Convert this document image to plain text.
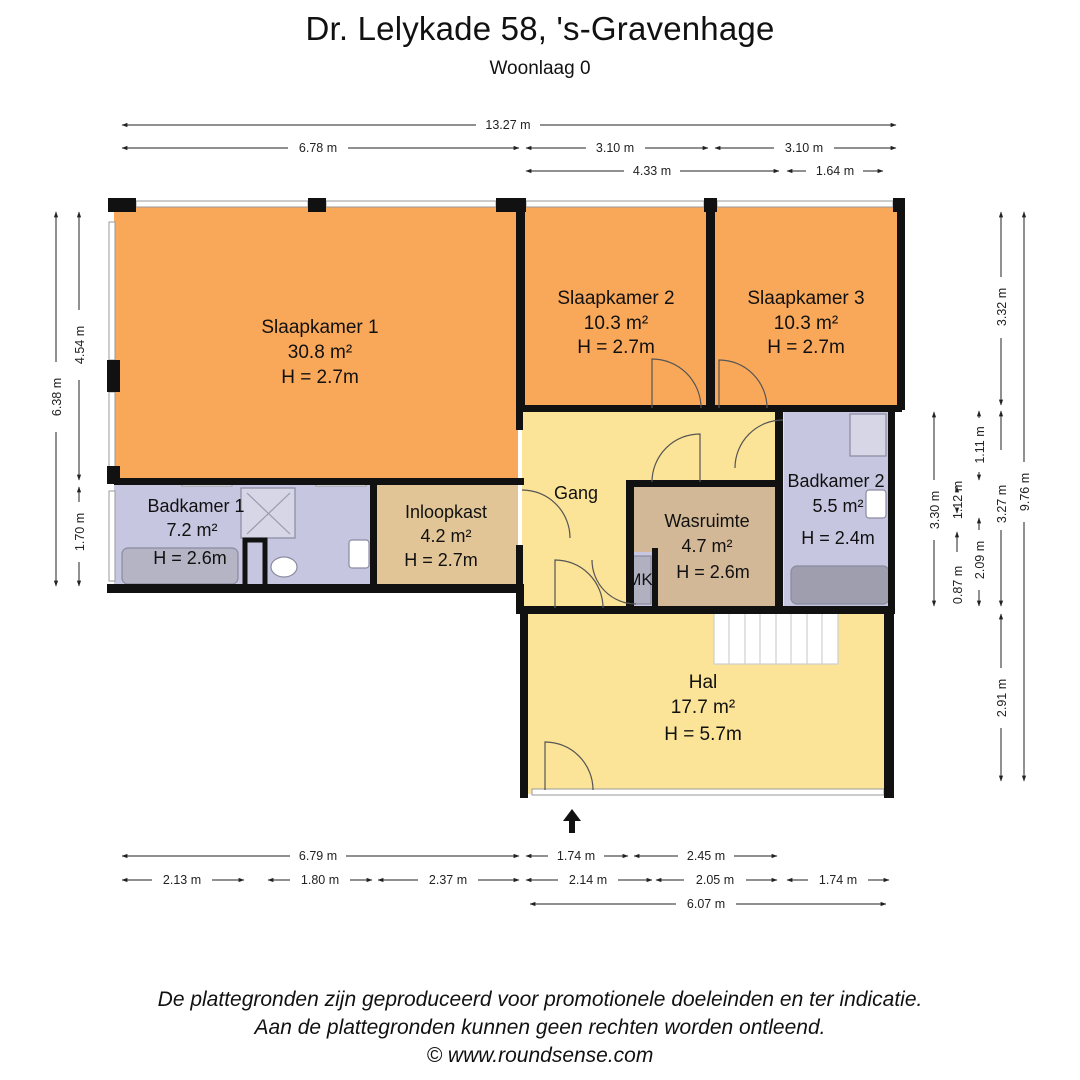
Dr. Lelykade 58, 's-Gravenhage
Woonlaag 0
Slaapkamer 1
30.8 m²
H = 2.7m
Slaapkamer 2
10.3 m²
H = 2.7m
Slaapkamer 3
10.3 m²
H = 2.7m
Badkamer 1
7.2 m²
H = 2.6m
Inloopkast
4.2 m²
H = 2.7m
Gang
Wasruimte
4.7 m²
H = 2.6m
MK
Badkamer 2
5.5 m²
H = 2.4m
Hal
17.7 m²
H = 5.7m
13.27 m
6.78 m	3.10 m	3.10 m
4.33 m	1.64 m
6.38 m
4.54 m
1.70 m
9.76 m
3.32 m
3.27 m
2.91 m
1.11 m
2.09 m
1.12 m
0.87 m
3.30 m
6.79 m	1.74 m	2.45 m
2.13 m	1.80 m	2.37 m	2.14 m	2.05 m	1.74 m
6.07 m
De plattegronden zijn geproduceerd voor promotionele doeleinden en ter indicatie.
Aan de plattegronden kunnen geen rechten worden ontleend.
© www.roundsense.com
